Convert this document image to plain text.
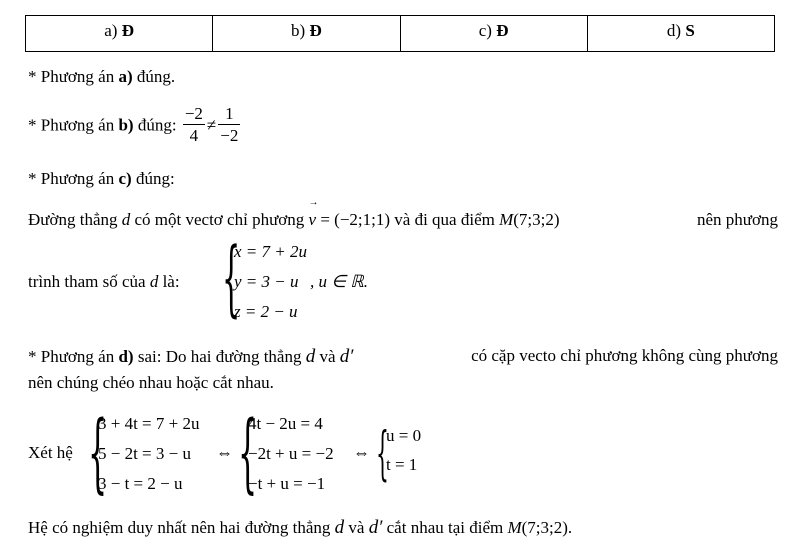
a) Đ	b) Đ	c) Đ	d) S
* Phương án a) đúng.
* Phương án b) đúng: $\frac{-2}{4} \ne \frac{1}{-2}$
* Phương án c) đúng:
Đường thẳng d có một vectơ chỉ phương → v = (−2;1;1) và đi qua điểm M(7;3;2)	nên phương
trình tham số của d là: {
x = 7 + 2u
y = 3 − u
z = 2 − u
, u ∈ ℝ.
* Phương án d) sai: Do hai đường thẳng d và d′	có cặp vecto chỉ phương không cùng phương
nên chúng chéo nhau hoặc cắt nhau.
Xét hệ {
3 + 4t = 7 + 2u
5 − 2t = 3 − u
3 − t = 2 − u
⇔ {
4t − 2u = 4
−2t + u = −2
−t + u = −1
⇔ {
u = 0
t = 1
Hệ có nghiệm duy nhất nên hai đường thẳng d và d′ cắt nhau tại điểm M(7;3;2).
